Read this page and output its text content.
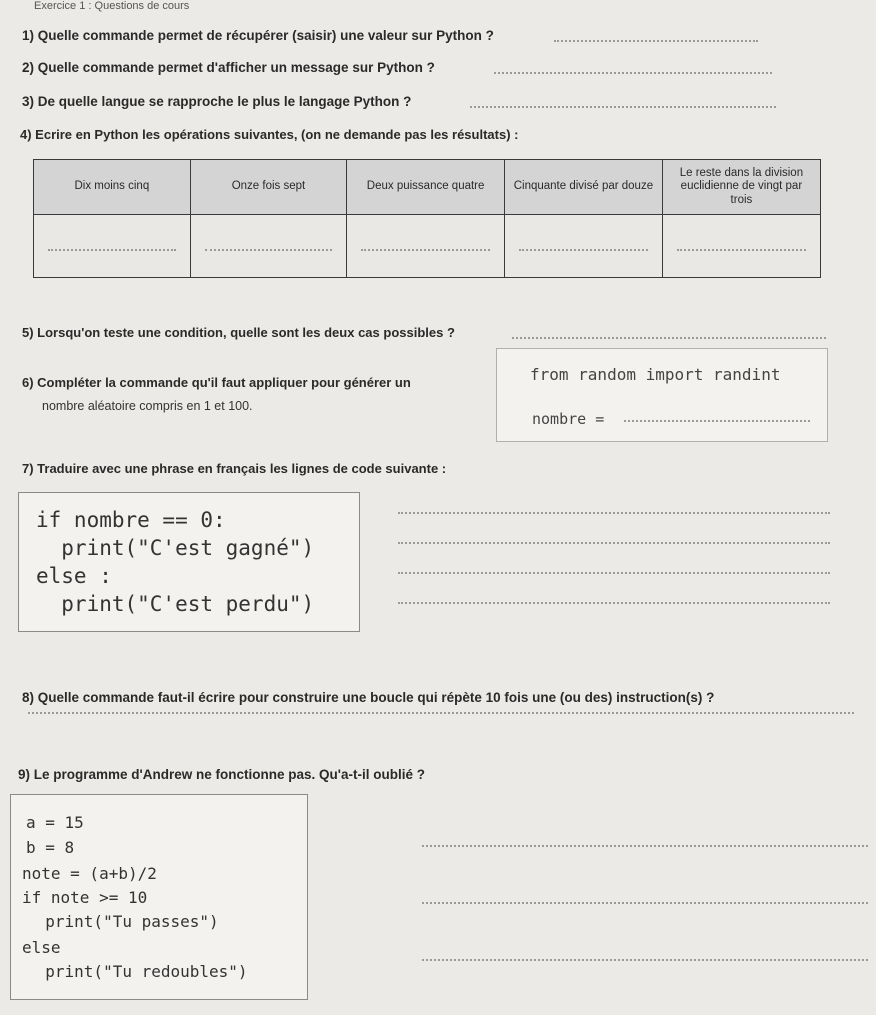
Exercice 1 : Questions de cours
1) Quelle commande permet de récupérer (saisir) une valeur sur Python ?
2) Quelle commande permet d'afficher un message sur Python ?
3) De quelle langue se rapproche le plus le langage Python ?
4) Ecrire en Python les opérations suivantes, (on ne demande pas les résultats) :
Dix moins cinq	Onze fois sept	Deux puissance quatre	Cinquante divisé par douze	Le reste dans la division euclidienne de vingt par trois

5) Lorsqu'on teste une condition, quelle sont les deux cas possibles ?
6) Compléter la commande qu'il faut appliquer pour générer un
nombre aléatoire compris en 1 et 100.
from random import randint
nombre =
7) Traduire avec une phrase en français les lignes de code suivante :
if nombre == 0:
print("C'est gagné")
else :
print("C'est perdu")
8) Quelle commande faut-il écrire pour construire une boucle qui répète 10 fois une (ou des) instruction(s) ?
9) Le programme d'Andrew ne fonctionne pas. Qu'a-t-il oublié ?
a = 15
b = 8
note = (a+b)/2
if note >= 10
print("Tu passes")
else
print("Tu redoubles")
